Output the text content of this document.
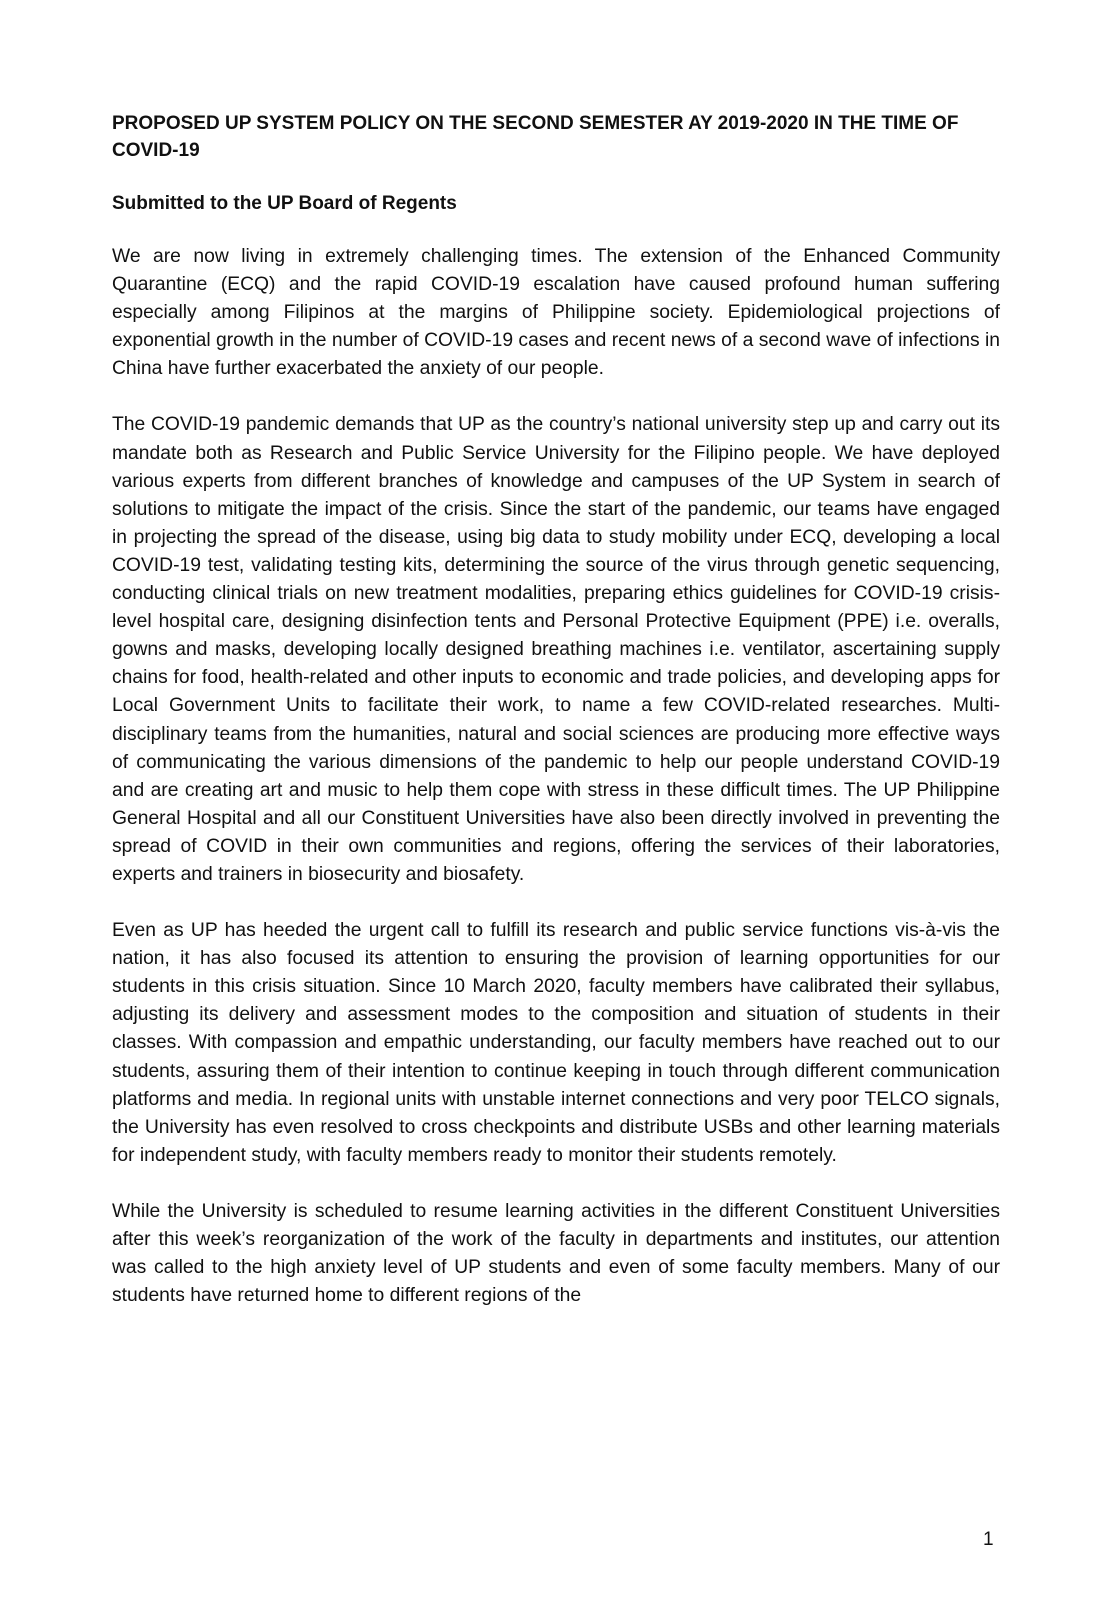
PROPOSED UP SYSTEM POLICY ON THE SECOND SEMESTER AY 2019-2020 IN THE TIME OF COVID-19
Submitted to the UP Board of Regents

We are now living in extremely challenging times. The extension of the Enhanced Community Quarantine (ECQ) and the rapid COVID-19 escalation have caused profound human suffering especially among Filipinos at the margins of Philippine society. Epidemiological projections of exponential growth in the number of COVID-19 cases and recent news of a second wave of infections in China have further exacerbated the anxiety of our people.

The COVID-19 pandemic demands that UP as the country’s national university step up and carry out its mandate both as Research and Public Service University for the Filipino people. We have deployed various experts from different branches of knowledge and campuses of the UP System in search of solutions to mitigate the impact of the crisis. Since the start of the pandemic, our teams have engaged in projecting the spread of the disease, using big data to study mobility under ECQ, developing a local COVID-19 test, validating testing kits, determining the source of the virus through genetic sequencing, conducting clinical trials on new treatment modalities, preparing ethics guidelines for COVID-19 crisis-level hospital care, designing disinfection tents and Personal Protective Equipment (PPE) i.e. overalls, gowns and masks, developing locally designed breathing machines i.e. ventilator, ascertaining supply chains for food, health-related and other inputs to economic and trade policies, and developing apps for Local Government Units to facilitate their work, to name a few COVID-related researches. Multi-disciplinary teams from the humanities, natural and social sciences are producing more effective ways of communicating the various dimensions of the pandemic to help our people understand COVID-19 and are creating art and music to help them cope with stress in these difficult times. The UP Philippine General Hospital and all our Constituent Universities have also been directly involved in preventing the spread of COVID in their own communities and regions, offering the services of their laboratories, experts and trainers in biosecurity and biosafety.

Even as UP has heeded the urgent call to fulfill its research and public service functions vis-à-vis the nation, it has also focused its attention to ensuring the provision of learning opportunities for our students in this crisis situation. Since 10 March 2020, faculty members have calibrated their syllabus, adjusting its delivery and assessment modes to the composition and situation of students in their classes. With compassion and empathic understanding, our faculty members have reached out to our students, assuring them of their intention to continue keeping in touch through different communication platforms and media. In regional units with unstable internet connections and very poor TELCO signals, the University has even resolved to cross checkpoints and distribute USBs and other learning materials for independent study, with faculty members ready to monitor their students remotely.

While the University is scheduled to resume learning activities in the different Constituent Universities after this week’s reorganization of the work of the faculty in departments and institutes, our attention was called to the high anxiety level of UP students and even of some faculty members. Many of our students have returned home to different regions of the

1
